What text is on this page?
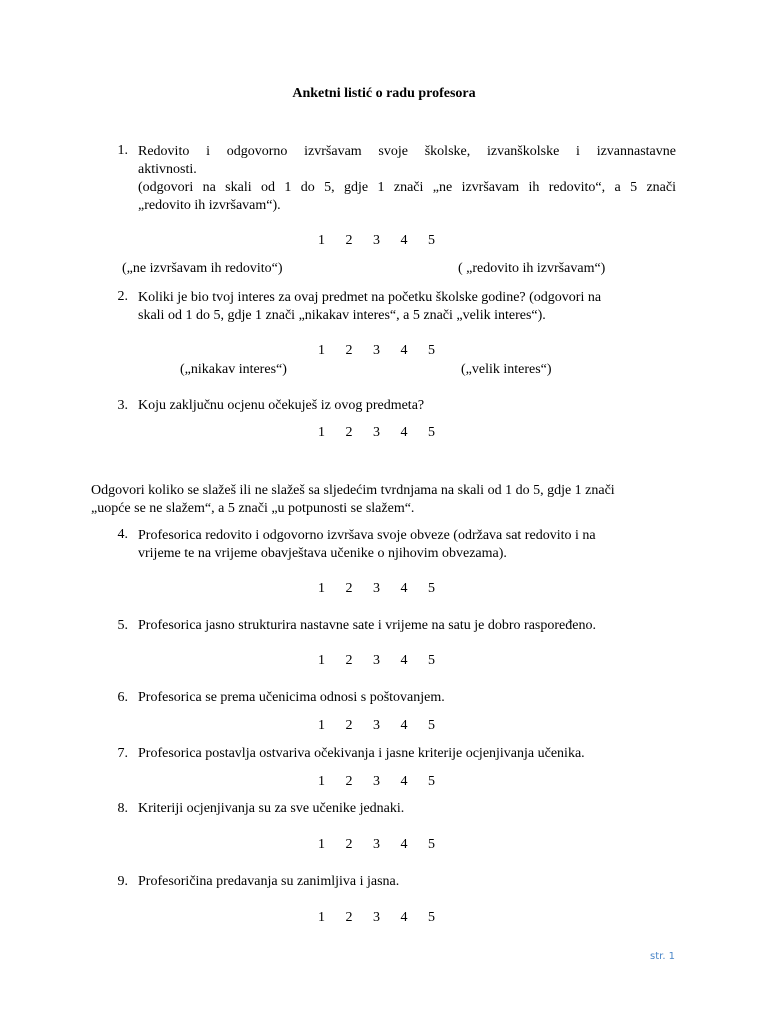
Anketni listić o radu profesora
1. Redovito i odgovorno izvršavam svoje školske, izvanškolske i izvannastavne
aktivnosti.
(odgovori na skali od 1 do 5, gdje 1 znači „ne izvršavam ih redovito“, a 5 znači
„redovito ih izvršavam“).
1 2 3 4 5
(„ne izvršavam ih redovito“)	( „redovito ih izvršavam“)
2. Koliki je bio tvoj interes za ovaj predmet na početku školske godine? (odgovori na
skali od 1 do 5, gdje 1 znači „nikakav interes“, a 5 znači „velik interes“).
1 2 3 4 5
(„nikakav interes“)	(„velik interes“)
3. Koju zaključnu ocjenu očekuješ iz ovog predmeta?
1 2 3 4 5
Odgovori koliko se slažeš ili ne slažeš sa sljedećim tvrdnjama na skali od 1 do 5, gdje 1 znači
„uopće se ne slažem“, a 5 znači „u potpunosti se slažem“.
4. Profesorica redovito i odgovorno izvršava svoje obveze (održava sat redovito i na
vrijeme te na vrijeme obavještava učenike o njihovim obvezama).
1 2 3 4 5
5. Profesorica jasno strukturira nastavne sate i vrijeme na satu je dobro raspoređeno.
1 2 3 4 5
6. Profesorica se prema učenicima odnosi s poštovanjem.
1 2 3 4 5
7. Profesorica postavlja ostvariva očekivanja i jasne kriterije ocjenjivanja učenika.
1 2 3 4 5
8. Kriteriji ocjenjivanja su za sve učenike jednaki.
1 2 3 4 5
9. Profesoričina predavanja su zanimljiva i jasna.
1 2 3 4 5
str. 1
